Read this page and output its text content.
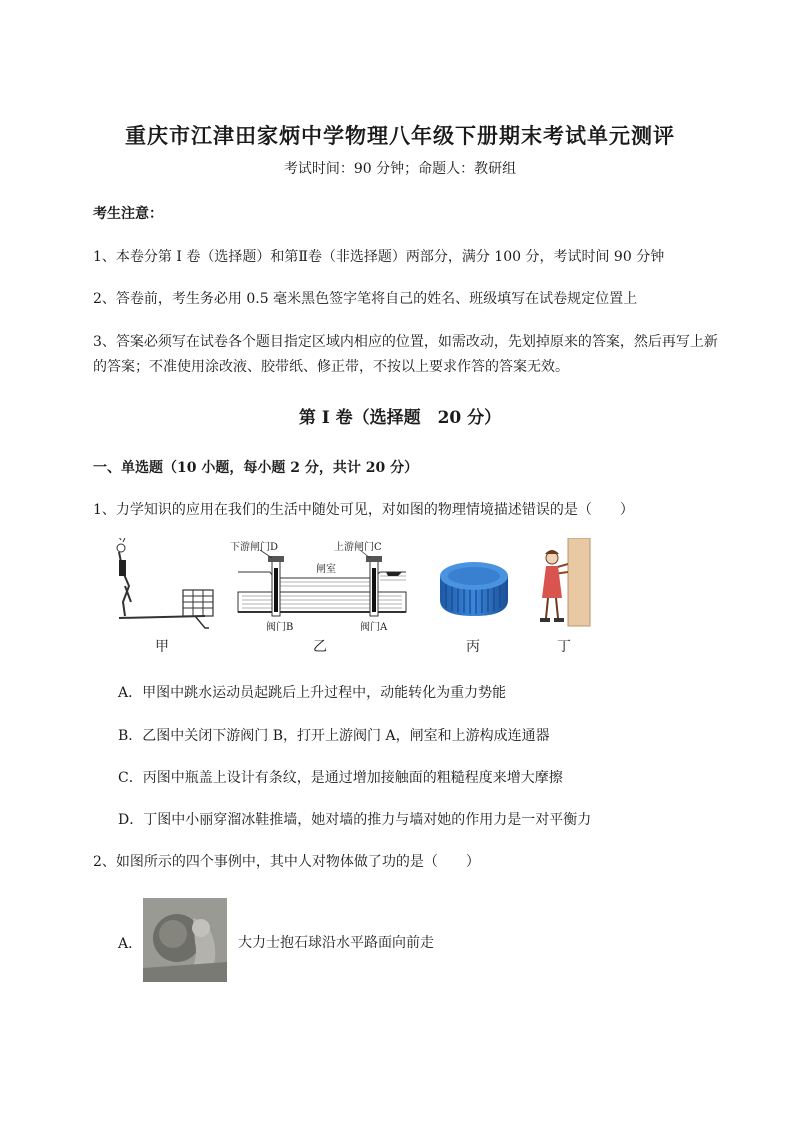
重庆市江津田家炳中学物理八年级下册期末考试单元测评
考试时间：90 分钟；命题人：教研组
考生注意：
1、本卷分第 I 卷（选择题）和第Ⅱ卷（非选择题）两部分，满分 100 分，考试时间 90 分钟
2、答卷前，考生务必用 0.5 毫米黑色签字笔将自己的姓名、班级填写在试卷规定位置上
3、答案必须写在试卷各个题目指定区域内相应的位置，如需改动，先划掉原来的答案，然后再写上新
的答案；不准使用涂改液、胶带纸、修正带，不按以上要求作答的答案无效。
第 I 卷（选择题　20 分）
一、单选题（10 小题，每小题 2 分，共计 20 分）
1、力学知识的应用在我们的生活中随处可见，对如图的物理情境描述错误的是（　　）
甲
下游闸门D	上游闸门C
闸室
阀门B	阀门A
乙	丙	丁
A．甲图中跳水运动员起跳后上升过程中，动能转化为重力势能
B．乙图中关闭下游阀门 B，打开上游阀门 A，闸室和上游构成连通器
C．丙图中瓶盖上设计有条纹，是通过增加接触面的粗糙程度来增大摩擦
D．丁图中小丽穿溜冰鞋推墙，她对墙的推力与墙对她的作用力是一对平衡力
2、如图所示的四个事例中，其中人对物体做了功的是（　　）
A．	大力士抱石球沿水平路面向前走
